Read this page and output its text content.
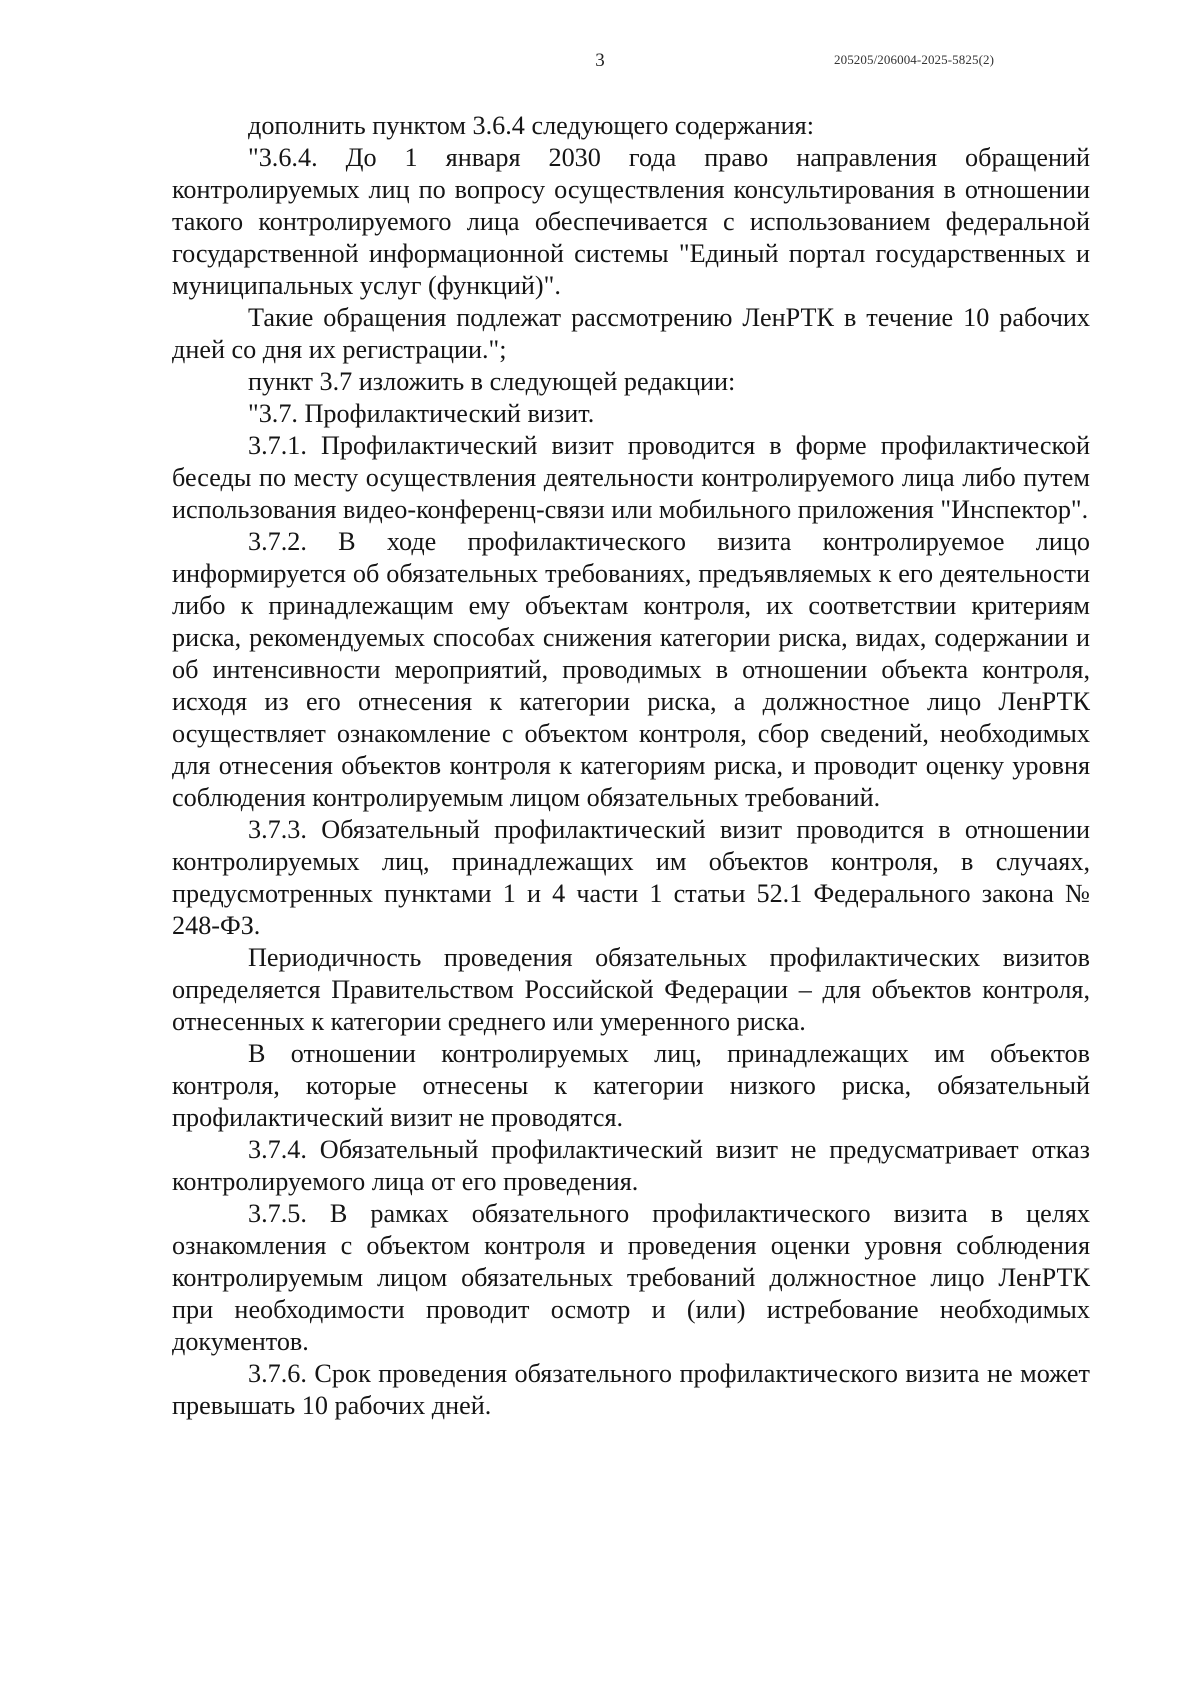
3	205205/206004-2025-5825(2)

дополнить пунктом 3.6.4 следующего содержания:

"3.6.4. До 1 января 2030 года право направления обращений контролируемых лиц по вопросу осуществления консультирования в отношении такого контролируемого лица обеспечивается с использованием федеральной государственной информационной системы "Единый портал государственных и муниципальных услуг (функций)".

Такие обращения подлежат рассмотрению ЛенРТК в течение 10 рабочих дней со дня их регистрации.";

пункт 3.7 изложить в следующей редакции:

"3.7. Профилактический визит.

3.7.1. Профилактический визит проводится в форме профилактической беседы по месту осуществления деятельности контролируемого лица либо путем использования видео-конференц-связи или мобильного приложения "Инспектор".

3.7.2. В ходе профилактического визита контролируемое лицо информируется об обязательных требованиях, предъявляемых к его деятельности либо к принадлежащим ему объектам контроля, их соответствии критериям риска, рекомендуемых способах снижения категории риска, видах, содержании и об интенсивности мероприятий, проводимых в отношении объекта контроля, исходя из его отнесения к категории риска, а должностное лицо ЛенРТК осуществляет ознакомление с объектом контроля, сбор сведений, необходимых для отнесения объектов контроля к категориям риска, и проводит оценку уровня соблюдения контролируемым лицом обязательных требований.

3.7.3. Обязательный профилактический визит проводится в отношении контролируемых лиц, принадлежащих им объектов контроля, в случаях, предусмотренных пунктами 1 и 4 части 1 статьи 52.1 Федерального закона № 248-ФЗ.

Периодичность проведения обязательных профилактических визитов определяется Правительством Российской Федерации – для объектов контроля, отнесенных к категории среднего или умеренного риска.

В отношении контролируемых лиц, принадлежащих им объектов контроля, которые отнесены к категории низкого риска, обязательный профилактический визит не проводятся.

3.7.4. Обязательный профилактический визит не предусматривает отказ контролируемого лица от его проведения.

3.7.5. В рамках обязательного профилактического визита в целях ознакомления с объектом контроля и проведения оценки уровня соблюдения контролируемым лицом обязательных требований должностное лицо ЛенРТК при необходимости проводит осмотр и (или) истребование необходимых документов.

3.7.6. Срок проведения обязательного профилактического визита не может превышать 10 рабочих дней.
